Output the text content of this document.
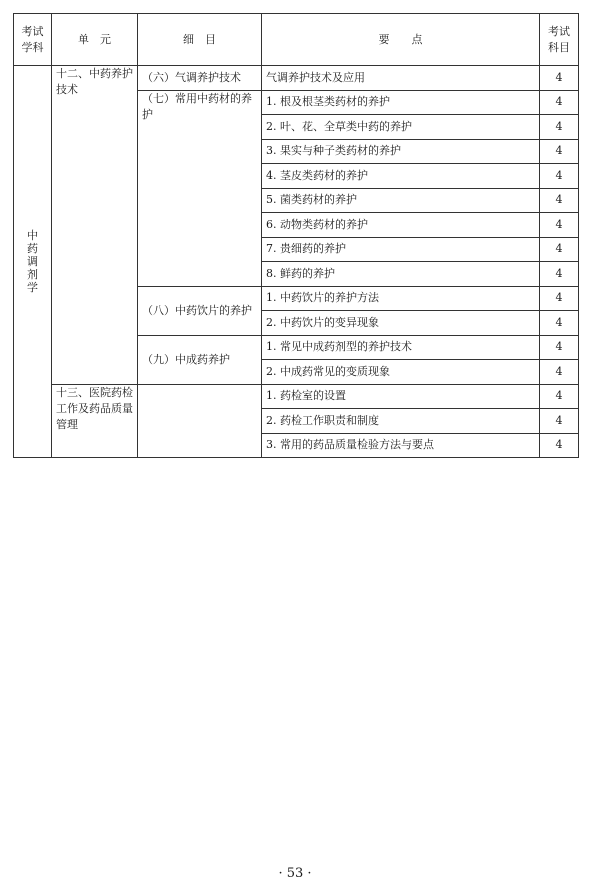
考试学科	单　元	细　目	要　　点	考试科目

中药调剂学	十二、中药养护技术	（六）气调养护技术	气调养护技术及应用	4
		（七）常用中药材的养护	1. 根及根茎类药材的养护	4
			2. 叶、花、全草类中药的养护	4
			3. 果实与种子类药材的养护	4
			4. 茎皮类药材的养护	4
			5. 菌类药材的养护	4
			6. 动物类药材的养护	4
			7. 贵细药的养护	4
			8. 鲜药的养护	4
		（八）中药饮片的养护	1. 中药饮片的养护方法	4
			2. 中药饮片的变异现象	4
		（九）中成药养护	1. 常见中成药剂型的养护技术	4
			2. 中成药常见的变质现象	4
	十三、医院药检工作及药品质量管理		1. 药检室的设置	4
			2. 药检工作职责和制度	4
			3. 常用的药品质量检验方法与要点	4
· 53 ·
